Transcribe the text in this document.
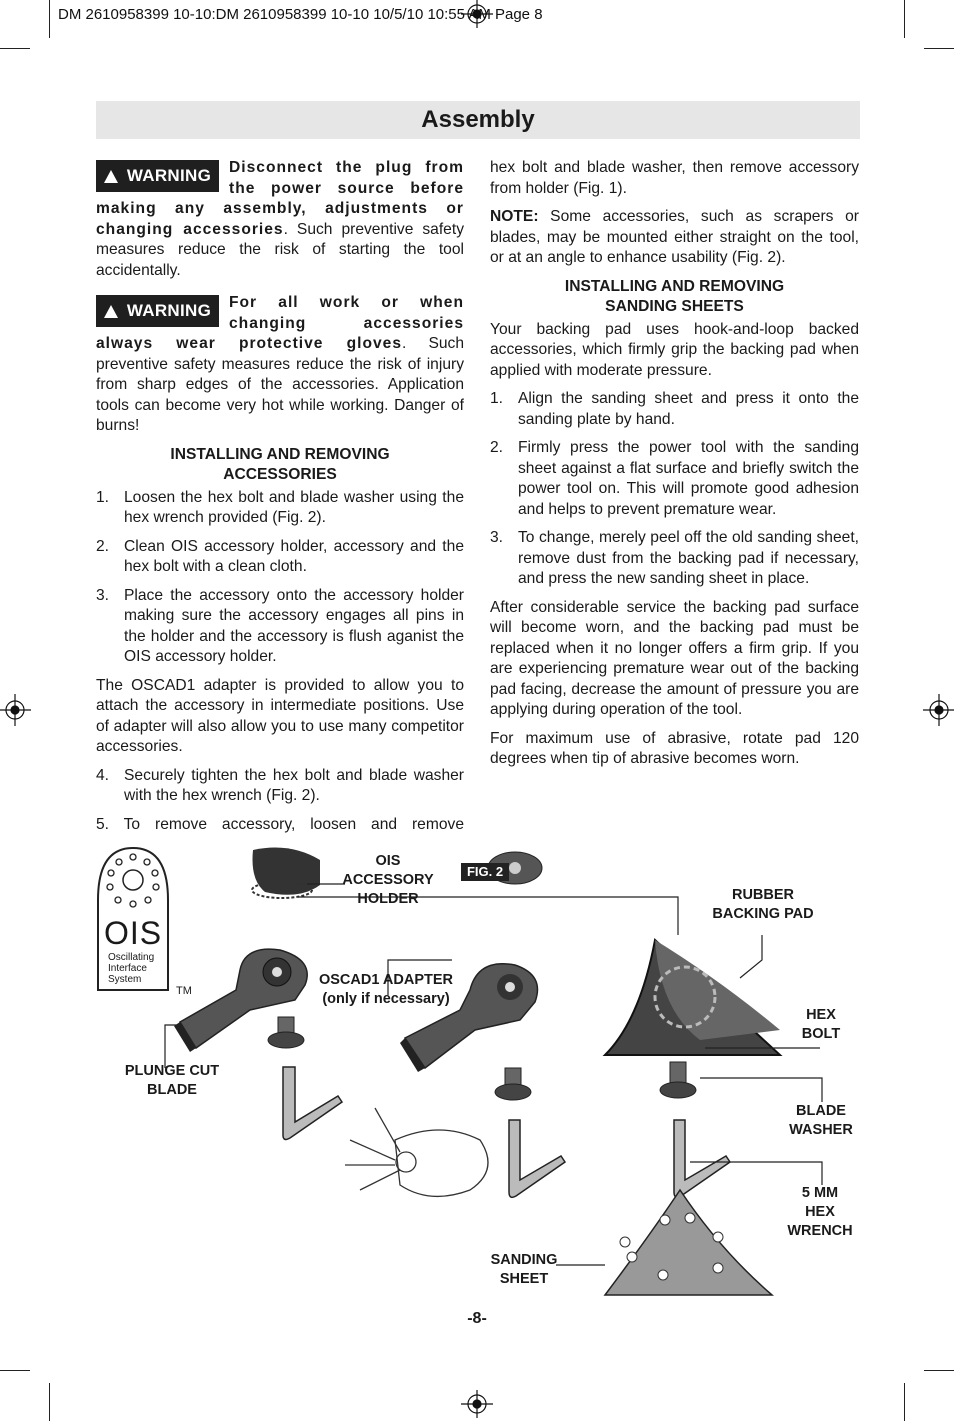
DM 2610958399 10-10:DM 2610958399 10-10 10/5/10 10:55 AM Page 8
Assembly

WARNING Disconnect the plug from the power source before making any assembly, adjustments or changing accessories. Such preventive safety measures reduce the risk of starting the tool accidentally.

WARNING For all work or when changing accessories always wear protective gloves. Such preventive safety measures reduce the risk of injury from sharp edges of the accessories. Application tools can become very hot while working. Danger of burns!

INSTALLING AND REMOVING ACCESSORIES
1. Loosen the hex bolt and blade washer using the hex wrench provided (Fig. 2).
2. Clean OIS accessory holder, accessory and the hex bolt with a clean cloth.
3. Place the accessory onto the accessory holder making sure the accessory engages all pins in the holder and the accessory is flush aganist the OIS accessory holder.

The OSCAD1 adapter is provided to allow you to attach the accessory in intermediate positions. Use of adapter will also allow you to use many competitor accessories.

4. Securely tighten the hex bolt and blade washer with the hex wrench (Fig. 2).

5. To remove accessory, loosen and remove

hex bolt and blade washer, then remove accessory from holder (Fig. 1).

NOTE: Some accessories, such as scrapers or blades, may be mounted either straight on the tool, or at an angle to enhance usability (Fig. 2).

INSTALLING AND REMOVING SANDING SHEETS

Your backing pad uses hook-and-loop backed accessories, which firmly grip the backing pad when applied with moderate pressure.

1. Align the sanding sheet and press it onto the sanding plate by hand.
2. Firmly press the power tool with the sanding sheet against a flat surface and briefly switch the power tool on. This will promote good adhesion and helps to prevent premature wear.
3. To change, merely peel off the old sanding sheet, remove dust from the backing pad if necessary, and press the new sanding sheet in place.

After considerable service the backing pad surface will become worn, and the backing pad must be replaced when it no longer offers a firm grip. If you are experiencing premature wear out of the backing pad facing, decrease the amount of pressure you are applying during operation of the tool.

For maximum use of abrasive, rotate pad 120 degrees when tip of abrasive becomes worn.

FIG. 2
OIS
Oscillating
Interface
System
TM
OIS
ACCESSORY
HOLDER
OSCAD1 ADAPTER
(only if necessary)
RUBBER
BACKING PAD
HEX
BOLT
PLUNGE CUT
BLADE
BLADE
WASHER
5 MM
HEX
WRENCH
SANDING
SHEET
-8-
